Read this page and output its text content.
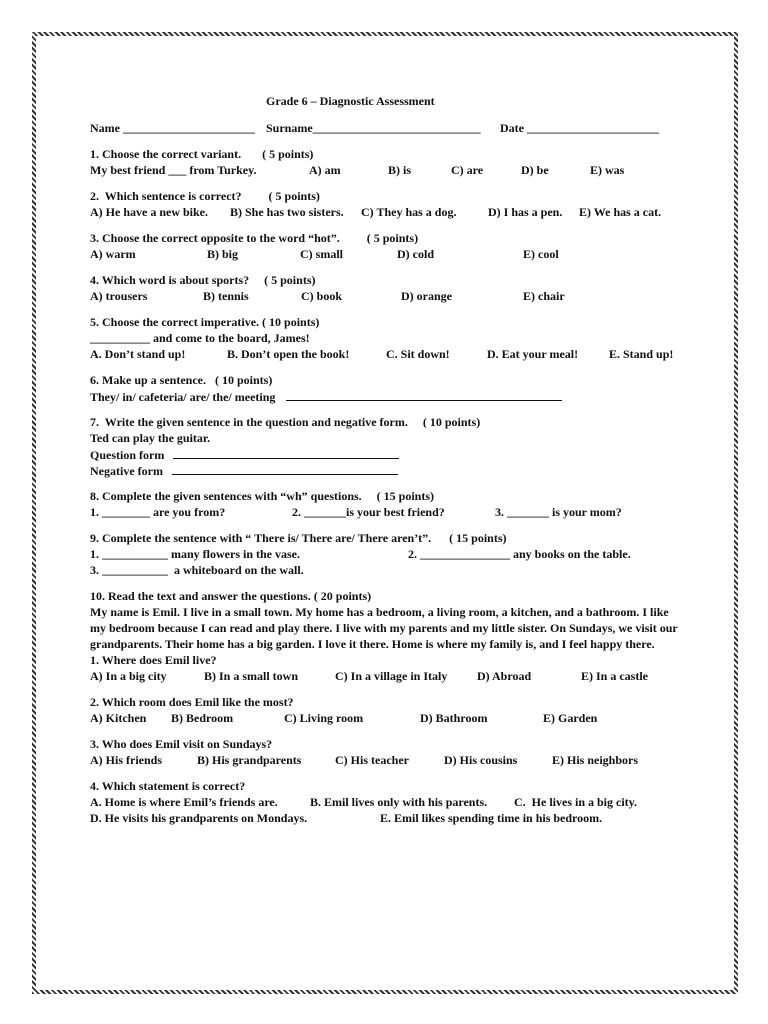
Grade 6 – Diagnostic Assessment
Name ______________________ Surname____________________________ Date ______________________
1. Choose the correct variant.       ( 5 points)
My best friend ___ from Turkey.	A) am	B) is	C) are	D) be	E) was
2.  Which sentence is correct?         ( 5 points)
A) He have a new bike. B) She has two sisters. C) They has a dog.	D) I has a pen. E) We has a cat.
3. Choose the correct opposite to the word “hot”.         ( 5 points)
A) warm	B) big	C) small	D) cold	E) cool
4. Which word is about sports?     ( 5 points)
A) trousers	B) tennis	C) book	D) orange	E) chair
5. Choose the correct imperative. ( 10 points)
__________ and come to the board, James!
A. Don’t stand up!	B. Don’t open the book!	C. Sit down!	D. Eat your meal!	E. Stand up!
6. Make up a sentence.   ( 10 points)
They/ in/ cafeteria/ are/ the/ meeting
7.  Write the given sentence in the question and negative form.     ( 10 points)
Ted can play the guitar.
Question form
Negative form
8. Complete the given sentences with “wh” questions.     ( 15 points)
1. ________ are you from?	2. _______is your best friend?	3. _______ is your mom?
9. Complete the sentence with “ There is/ There are/ There aren’t”.      ( 15 points)
1. ___________ many flowers in the vase.	2. _______________ any books on the table.
3. ___________  a whiteboard on the wall.
10. Read the text and answer the questions. ( 20 points)
My name is Emil. I live in a small town. My home has a bedroom, a living room, a kitchen, and a bathroom. I like my bedroom because I can read and play there. I live with my parents and my little sister. On Sundays, we visit our grandparents. Their home has a big garden. I love it there. Home is where my family is, and I feel happy there.
1. Where does Emil live?
A) In a big city	B) In a small town	C) In a village in Italy D) Abroad	E) In a castle
2. Which room does Emil like the most?
A) Kitchen B) Bedroom	C) Living room	D) Bathroom	E) Garden
3. Who does Emil visit on Sundays?
A) His friends	B) His grandparents	C) His teacher	D) His cousins	E) His neighbors
4. Which statement is correct?
A. Home is where Emil’s friends are.	B. Emil lives only with his parents. C.  He lives in a big city.
D. He visits his grandparents on Mondays.	E. Emil likes spending time in his bedroom.
